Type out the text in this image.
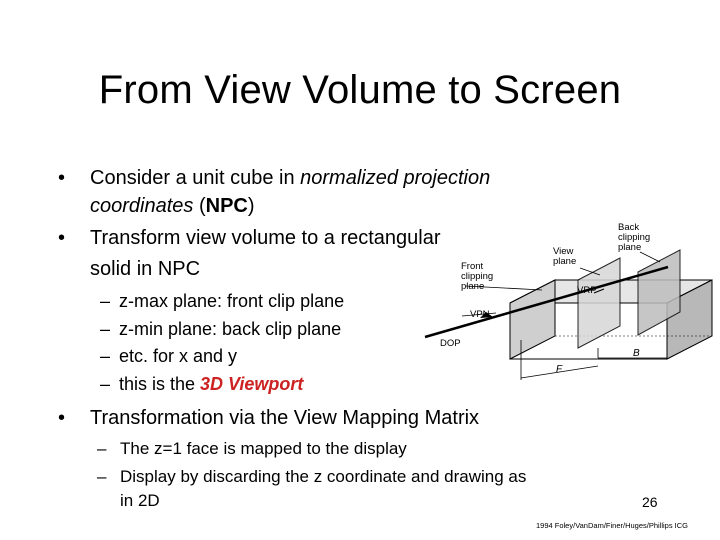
From View Volume to Screen
• Consider a unit cube in normalized projection
coordinates (NPC)
• Transform view volume to a rectangular
solid in NPC
– z-max plane: front clip plane
– z-min plane: back clip plane
– etc. for x and y
– this is the 3D Viewport
• Transformation via the View Mapping Matrix
– The z=1 face is mapped to the display
– Display by discarding the z coordinate and drawing as
in 2D	26
1994 Foley/VanDam/Finer/Huges/Phillips ICG
Back
clipping
plane
View
plane
Front
clipping
plane	VRP
VPN
DOP
B
F
